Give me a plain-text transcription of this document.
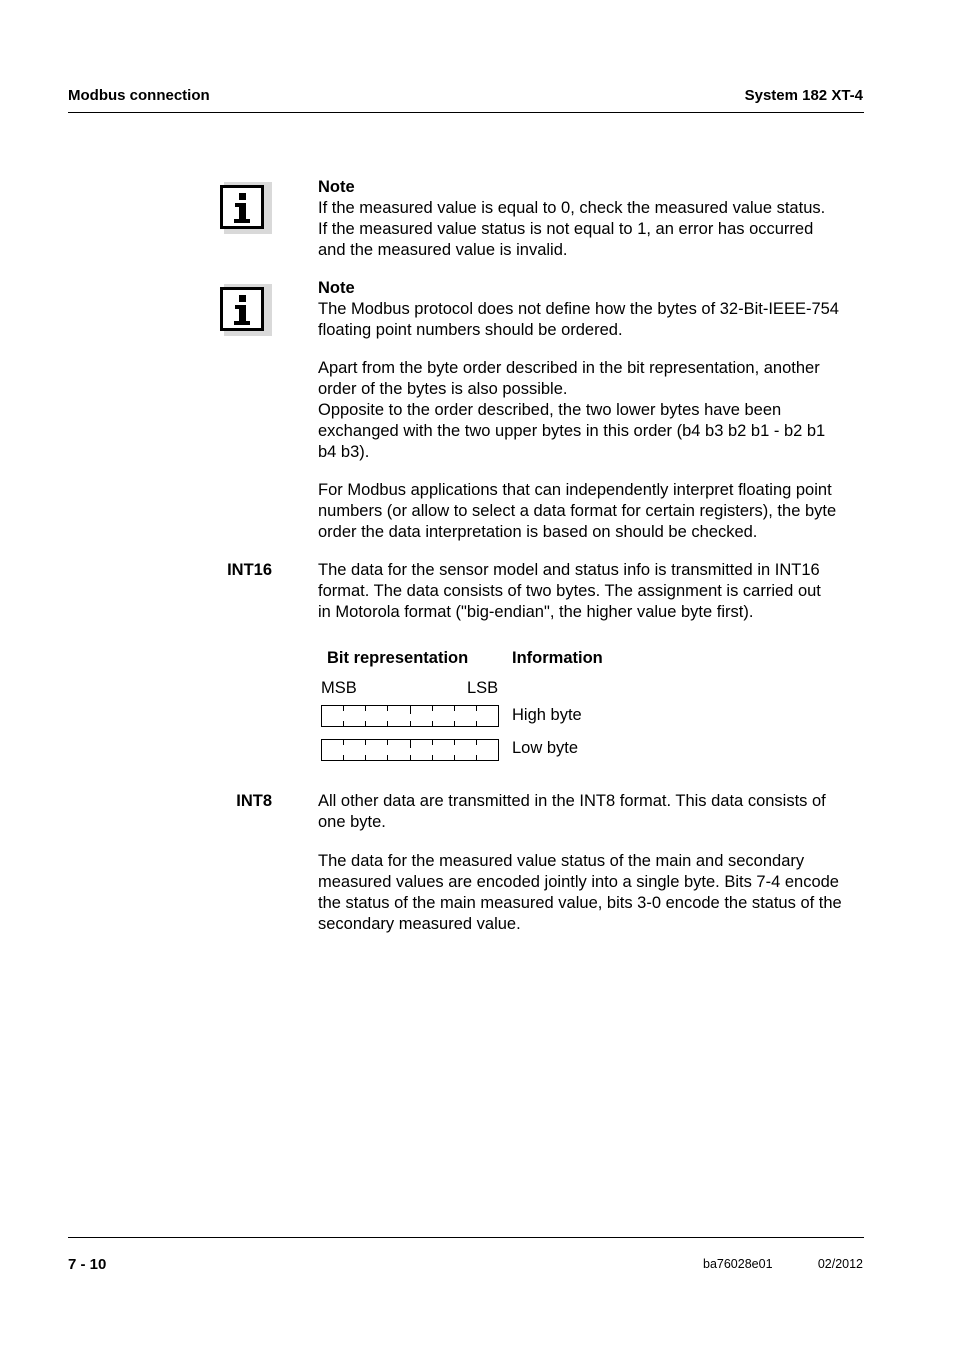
Modbus connection	System 182 XT-4
Note
If the measured value is equal to 0, check the measured value status.
If the measured value status is not equal to 1, an error has occurred
and the measured value is invalid.
Note
The Modbus protocol does not define how the bytes of 32-Bit-IEEE-754
floating point numbers should be ordered.
Apart from the byte order described in the bit representation, another
order of the bytes is also possible.
Opposite to the order described, the two lower bytes have been
exchanged with the two upper bytes in this order (b4 b3 b2 b1 - b2 b1
b4 b3).
For Modbus applications that can independently interpret floating point
numbers (or allow to select a data format for certain registers), the byte
order the data interpretation is based on should be checked.
INT16	The data for the sensor model and status info is transmitted in INT16
format. The data consists of two bytes. The assignment is carried out
in Motorola format ("big-endian", the higher value byte first).
Bit representation	Information
MSB	LSB
High byte
Low byte
INT8	All other data are transmitted in the INT8 format. This data consists of
one byte.
The data for the measured value status of the main and secondary
measured values are encoded jointly into a single byte. Bits 7-4 encode
the status of the main measured value, bits 3-0 encode the status of the
secondary measured value.
7 - 10	ba76028e01	02/2012
